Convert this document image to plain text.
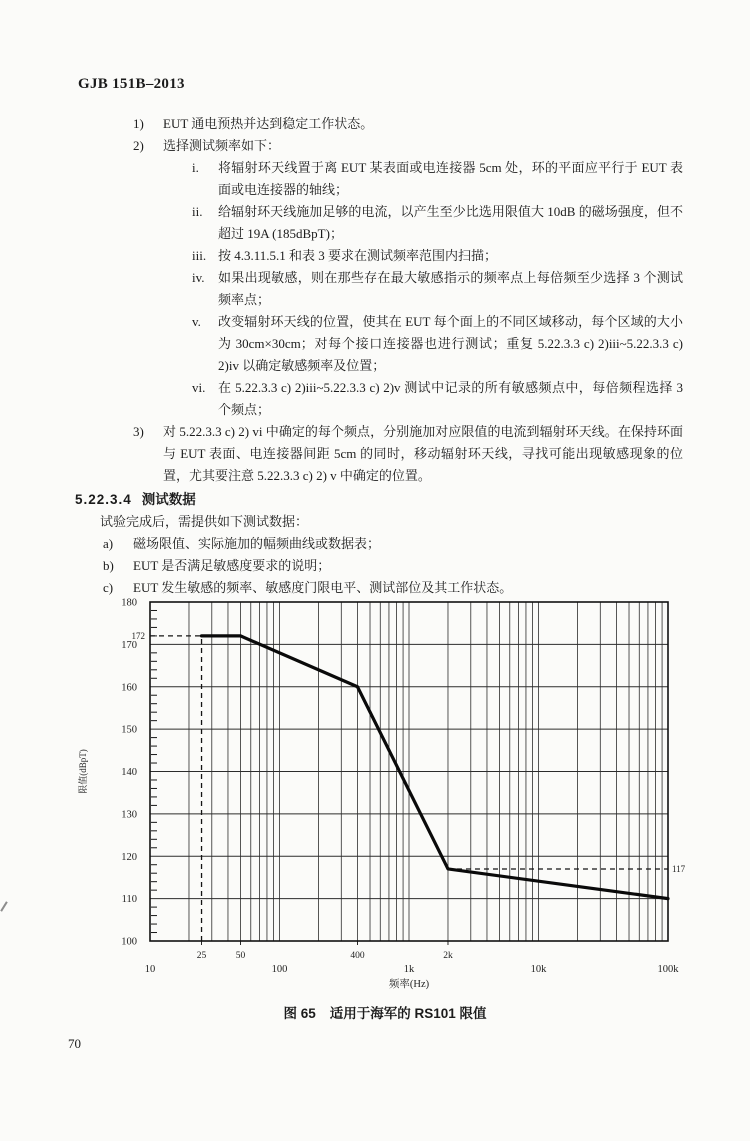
GJB 151B–2013
1)	EUT 通电预热并达到稳定工作状态。
2)	选择测试频率如下：
i.	将辐射环天线置于离 EUT 某表面或电连接器 5cm 处，环的平面应平行于 EUT 表面或电连接器的轴线；
ii.	给辐射环天线施加足够的电流，以产生至少比选用限值大 10dB 的磁场强度，但不超过 19A (185dBpT)；
iii. 按 4.3.11.5.1 和表 3 要求在测试频率范围内扫描；
iv.	如果出现敏感，则在那些存在最大敏感指示的频率点上每倍频至少选择 3 个测试频率点；
v.	改变辐射环天线的位置，使其在 EUT 每个面上的不同区域移动，每个区域的大小为 30cm×30cm；对每个接口连接器也进行测试；重复 5.22.3.3 c) 2)iii~5.22.3.3 c) 2)iv 以确定敏感频率及位置；
vi. 在 5.22.3.3 c) 2)iii~5.22.3.3 c) 2)v 测试中记录的所有敏感频点中，每倍频程选择 3 个频点；
3)	对 5.22.3.3 c) 2) vi 中确定的每个频点，分别施加对应限值的电流到辐射环天线。在保持环面与 EUT 表面、电连接器间距 5cm 的同时，移动辐射环天线，寻找可能出现敏感现象的位置，尤其要注意 5.22.3.3 c) 2) v 中确定的位置。
5.22.3.4 测试数据
试验完成后，需提供如下测试数据：
a)	磁场限值、实际施加的幅频曲线或数据表；
b)	EUT 是否满足敏感度要求的说明；
c)	EUT 发生敏感的频率、敏感度门限电平、测试部位及其工作状态。
172
117
100
110
120
130
140
150
160
170
180
25	50	400	2k
10	100	1k	10k	100k
频率(Hz)
限值(dBpT)
图 65 适用于海军的 RS101 限值
70
